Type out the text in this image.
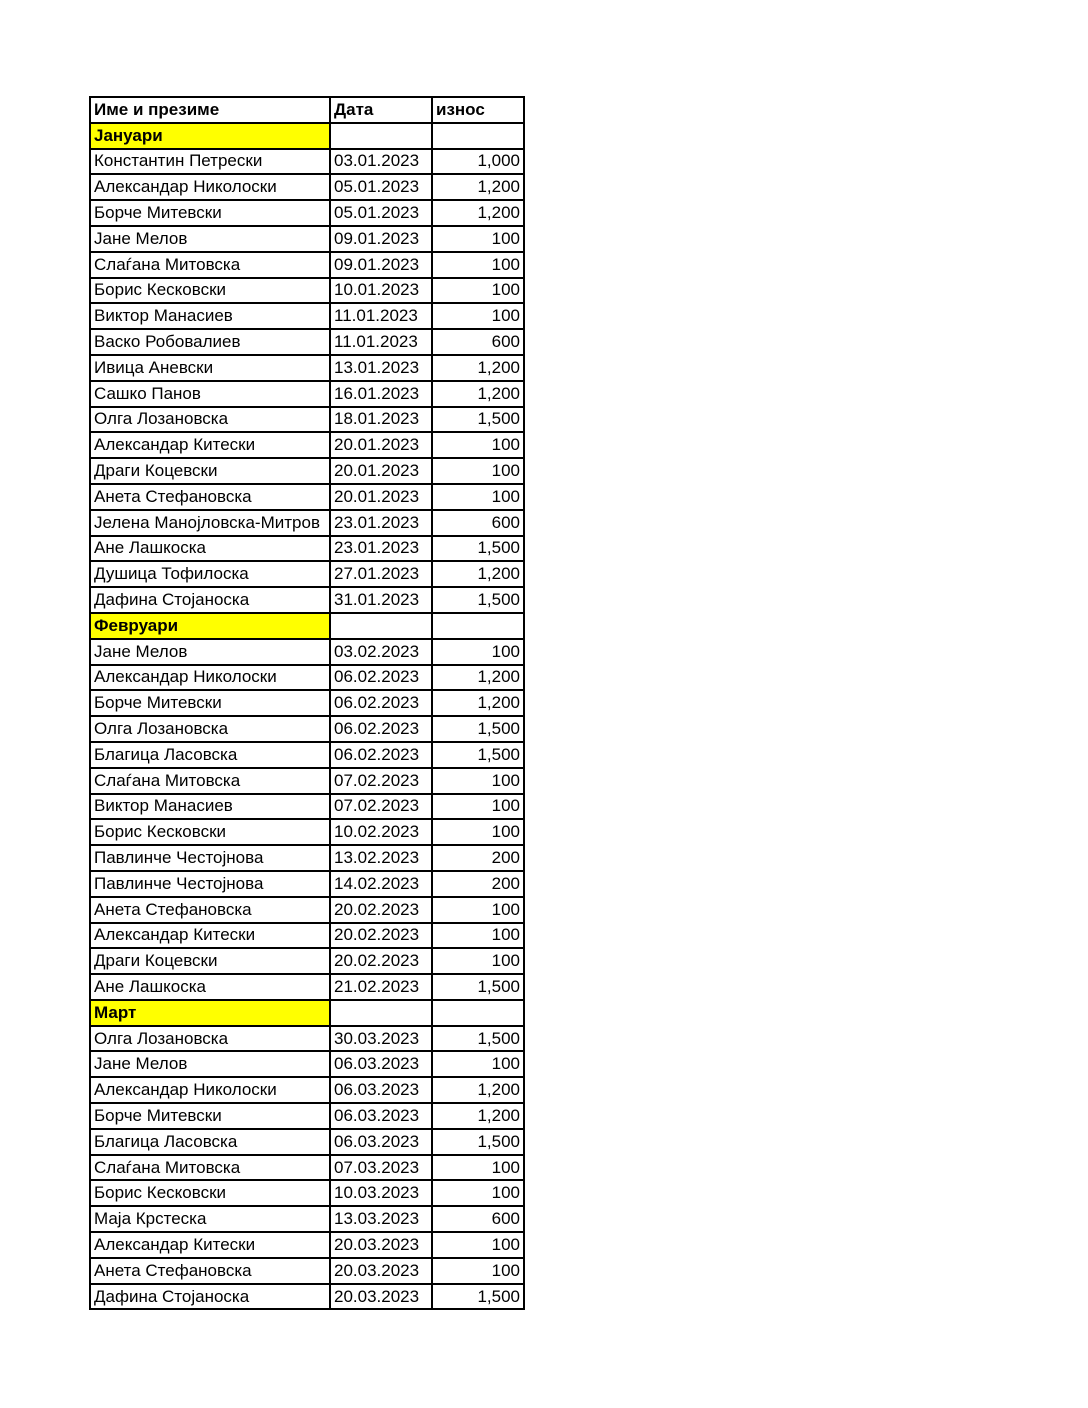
Име и презиме	Дата	износ
Јануари		
Константин Петрески	03.01.2023	1,000
Александар Николоски	05.01.2023	1,200
Борче Митевски	05.01.2023	1,200
Јане Мелов	09.01.2023	100
Слаѓана Митовска	09.01.2023	100
Борис Кесковски	10.01.2023	100
Виктор Манасиев	11.01.2023	100
Васко Робовалиев	11.01.2023	600
Ивица Аневски	13.01.2023	1,200
Сашко Панов	16.01.2023	1,200
Олга Лозановска	18.01.2023	1,500
Александар Китески	20.01.2023	100
Драги Коцевски	20.01.2023	100
Анета Стефановска	20.01.2023	100
Јелена Манојловска-Митров	23.01.2023	600
Ане Лашкоска	23.01.2023	1,500
Душица Тофилоска	27.01.2023	1,200
Дафина Стојаноска	31.01.2023	1,500
Февруари		
Јане Мелов	03.02.2023	100
Александар Николоски	06.02.2023	1,200
Борче Митевски	06.02.2023	1,200
Олга Лозановска	06.02.2023	1,500
Благица Ласовска	06.02.2023	1,500
Слаѓана Митовска	07.02.2023	100
Виктор Манасиев	07.02.2023	100
Борис Кесковски	10.02.2023	100
Павлинче Честојнова	13.02.2023	200
Павлинче Честојнова	14.02.2023	200
Анета Стефановска	20.02.2023	100
Александар Китески	20.02.2023	100
Драги Коцевски	20.02.2023	100
Ане Лашкоска	21.02.2023	1,500
Март		
Олга Лозановска	30.03.2023	1,500
Јане Мелов	06.03.2023	100
Александар Николоски	06.03.2023	1,200
Борче Митевски	06.03.2023	1,200
Благица Ласовска	06.03.2023	1,500
Слаѓана Митовска	07.03.2023	100
Борис Кесковски	10.03.2023	100
Маја Крстеска	13.03.2023	600
Александар Китески	20.03.2023	100
Анета Стефановска	20.03.2023	100
Дафина Стојаноска	20.03.2023	1,500
